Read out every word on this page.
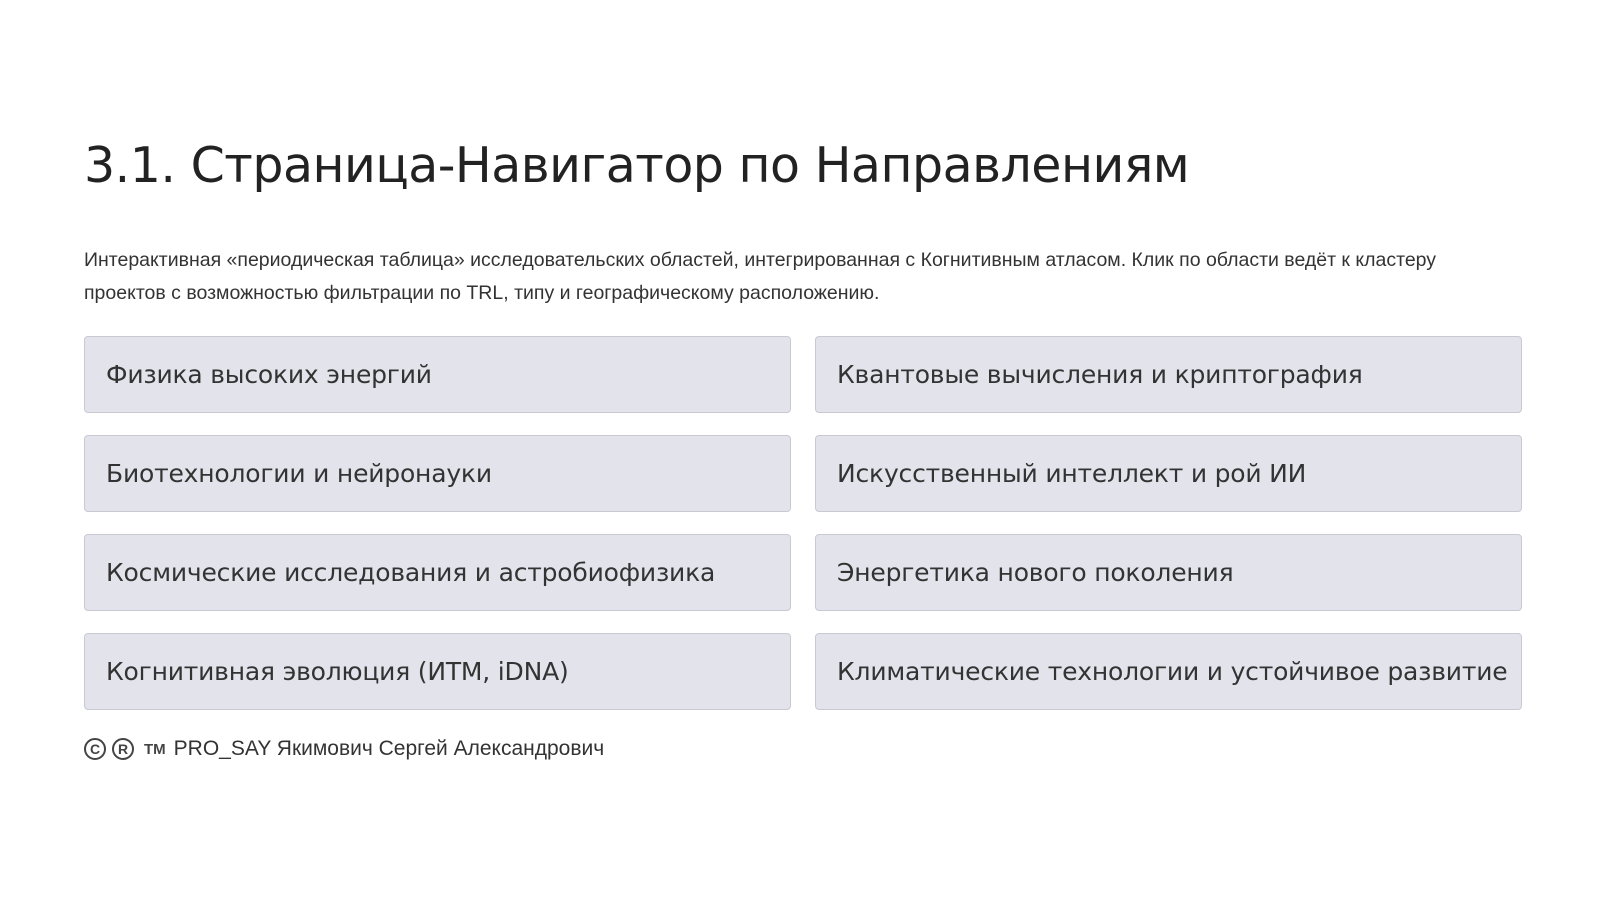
3.1. Страница-Навигатор по Направлениям

Интерактивная «периодическая таблица» исследовательских областей, интегрированная с Когнитивным атласом. Клик по области ведёт к кластеру проектов с возможностью фильтрации по TRL, типу и географическому расположению.

Физика высоких энергий	Квантовые вычисления и криптография
Биотехнологии и нейронауки	Искусственный интеллект и рой ИИ
Космические исследования и астробиофизика	Энергетика нового поколения
Когнитивная эволюция (ИТМ, iDNA)	Климатические технологии и устойчивое развитие
C	R	TM PRO_SAY Якимович Сергей Александрович
